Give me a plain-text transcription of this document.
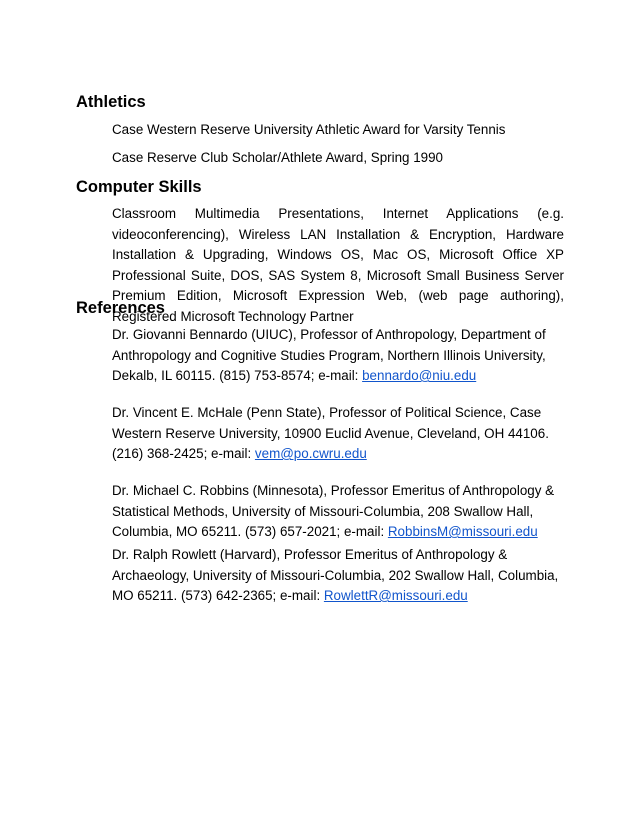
Athletics

Case Western Reserve University Athletic Award for Varsity Tennis

Case Reserve Club Scholar/Athlete Award, Spring 1990

Computer Skills

Classroom Multimedia Presentations, Internet Applications (e.g. videoconferencing), Wireless LAN Installation & Encryption, Hardware Installation & Upgrading, Windows OS, Mac OS, Microsoft Office XP Professional Suite, DOS, SAS System 8, Microsoft Small Business Server Premium Edition, Microsoft Expression Web, (web page authoring), Registered Microsoft Technology Partner

References

Dr. Giovanni Bennardo (UIUC), Professor of Anthropology, Department of Anthropology and Cognitive Studies Program, Northern Illinois University, Dekalb, IL 60115. (815) 753-8574; e-mail: bennardo@niu.edu

Dr. Vincent E. McHale (Penn State), Professor of Political Science, Case Western Reserve University, 10900 Euclid Avenue, Cleveland, OH 44106. (216) 368-2425; e-mail: vem@po.cwru.edu

Dr. Michael C. Robbins (Minnesota), Professor Emeritus of Anthropology & Statistical Methods, University of Missouri-Columbia, 208 Swallow Hall, Columbia, MO 65211. (573) 657-2021; e-mail: RobbinsM@missouri.edu

Dr. Ralph Rowlett (Harvard), Professor Emeritus of Anthropology & Archaeology, University of Missouri-Columbia, 202 Swallow Hall, Columbia, MO 65211. (573) 642-2365; e-mail: RowlettR@missouri.edu
